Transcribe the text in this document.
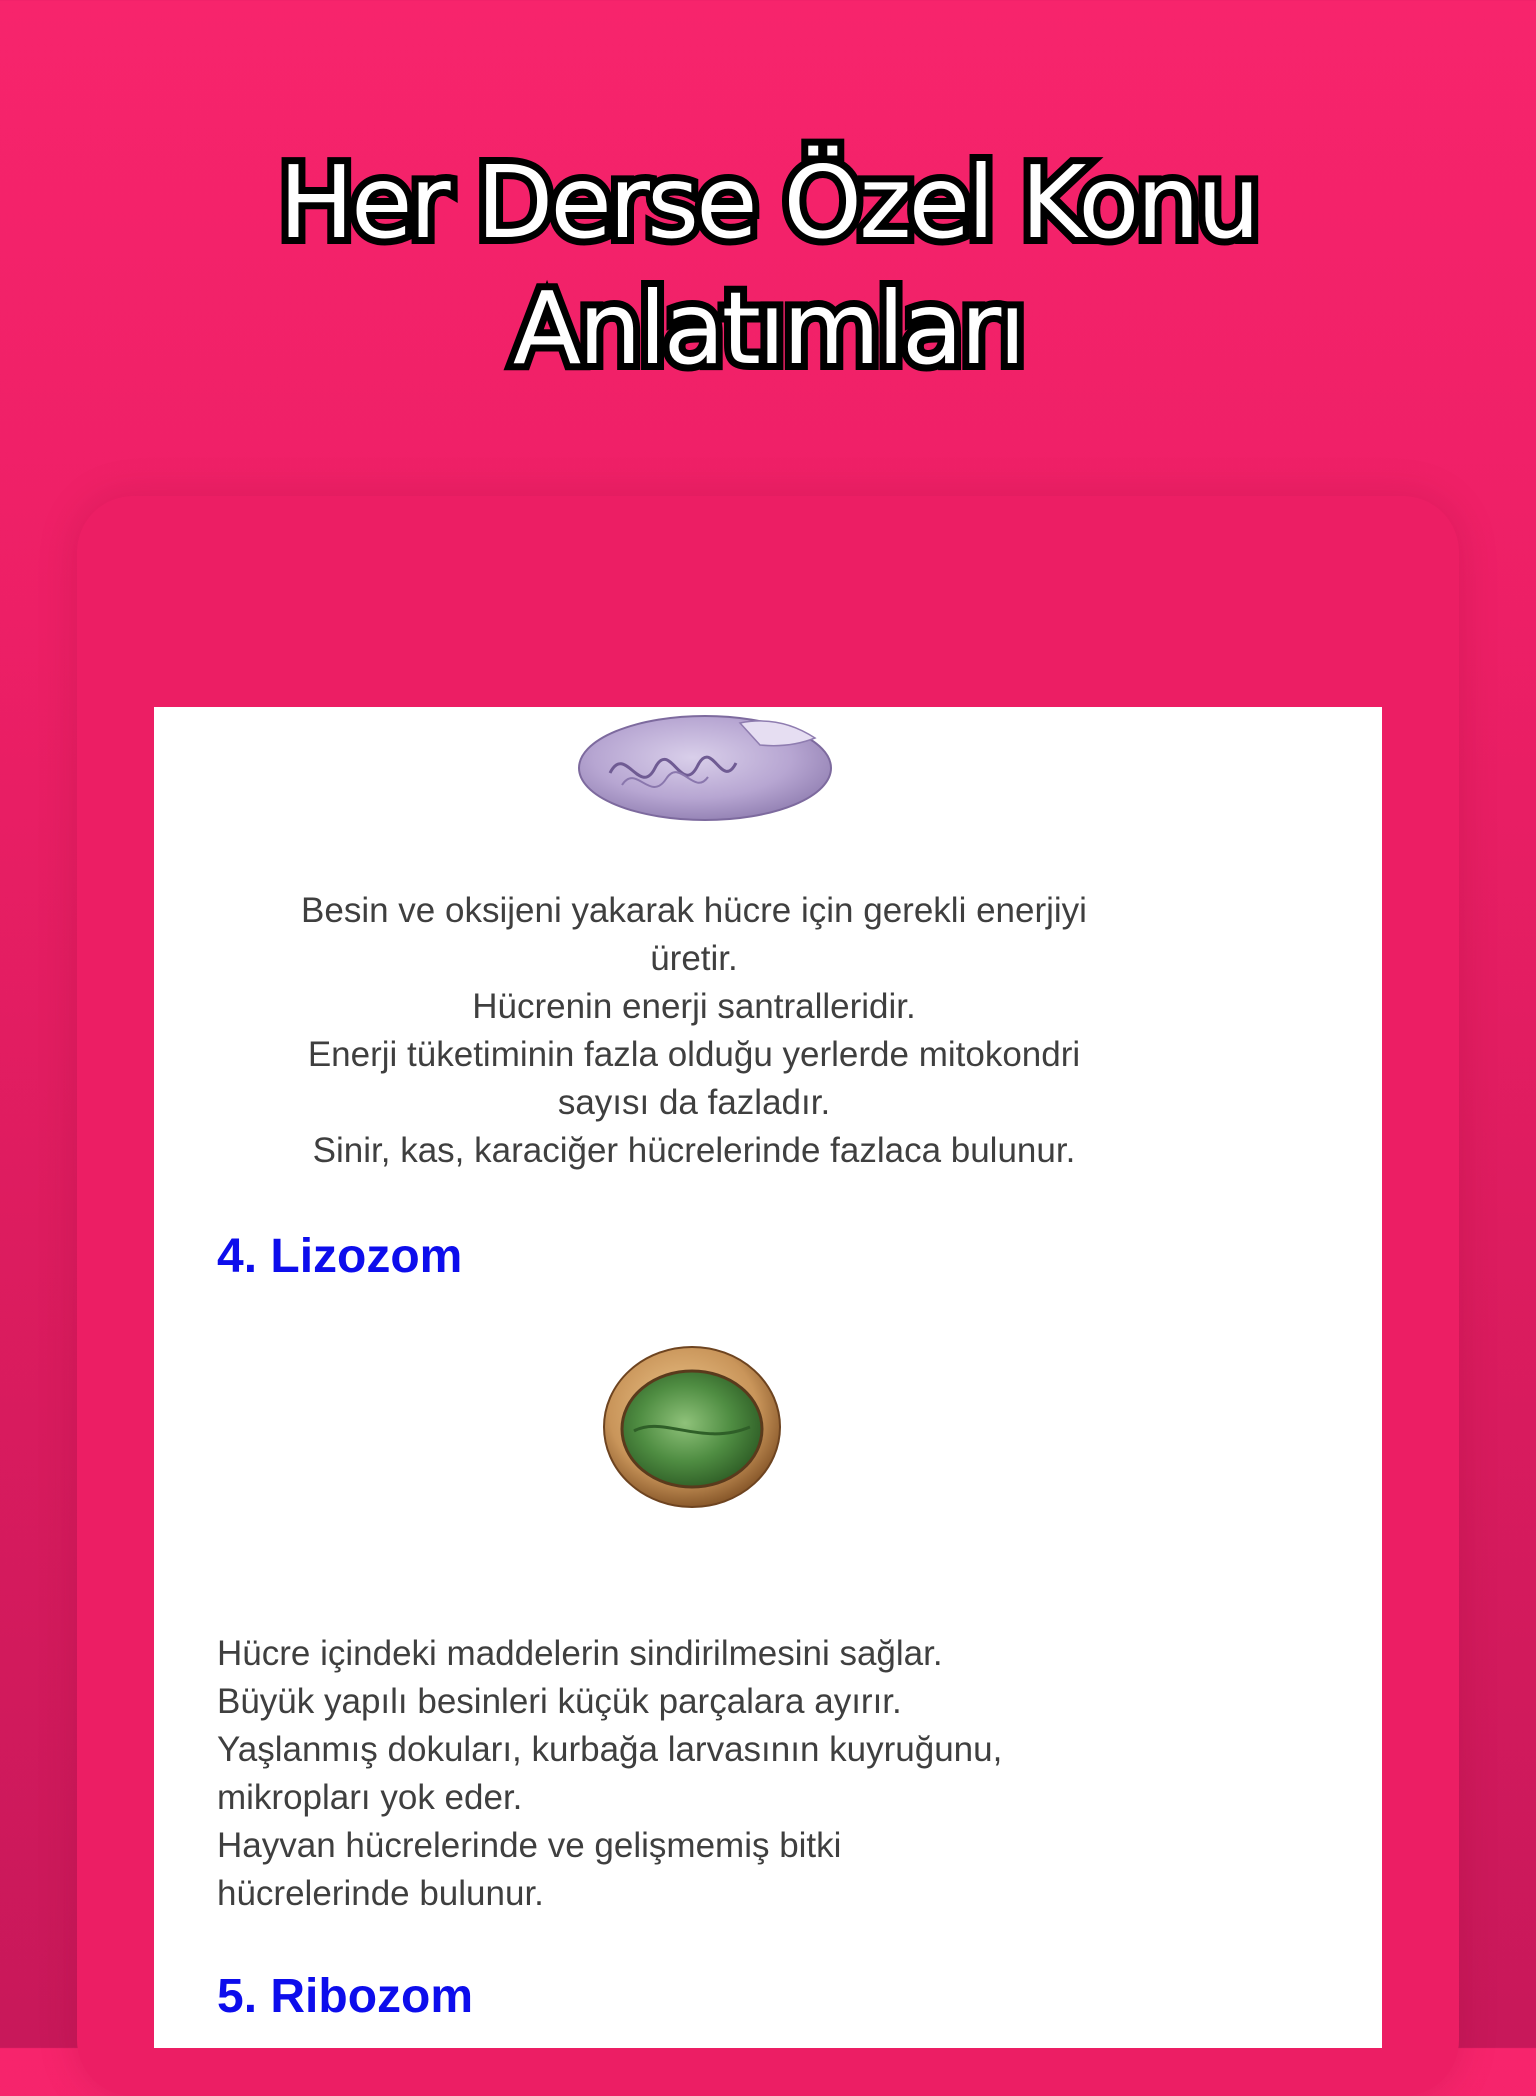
Her Derse Özel Konu
Anlatımları
Besin ve oksijeni yakarak hücre için gerekli enerjiyi
üretir.
Hücrenin enerji santralleridir.
Enerji tüketiminin fazla olduğu yerlerde mitokondri
sayısı da fazladır.
Sinir, kas, karaciğer hücrelerinde fazlaca bulunur.
4. Lizozom
Hücre içindeki maddelerin sindirilmesini sağlar.
Büyük yapılı besinleri küçük parçalara ayırır.
Yaşlanmış dokuları, kurbağa larvasının kuyruğunu,
mikropları yok eder.
Hayvan hücrelerinde ve gelişmemiş bitki
hücrelerinde bulunur.
5. Ribozom
